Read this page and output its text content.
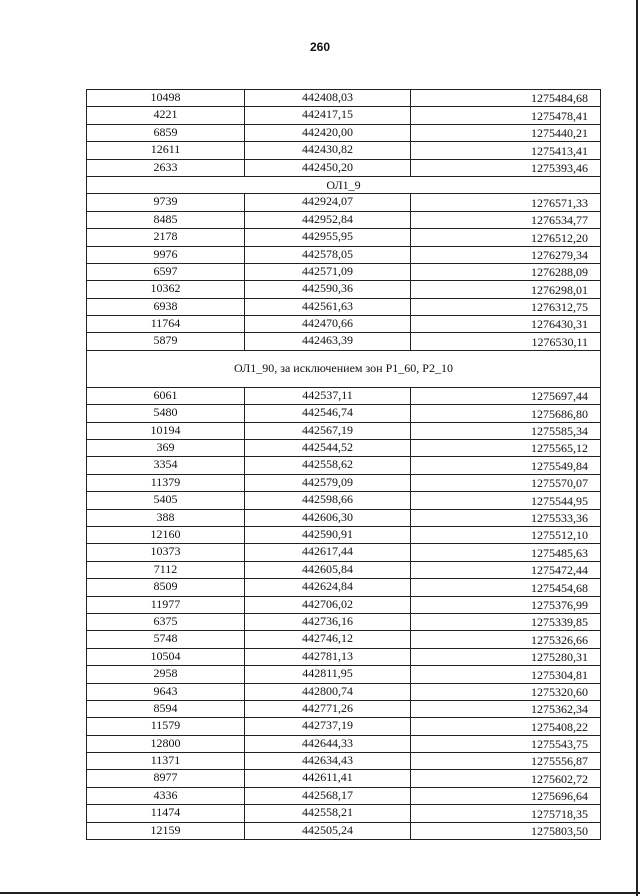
260
10498	442408,03	1275484,68
4221	442417,15	1275478,41
6859	442420,00	1275440,21
12611	442430,82	1275413,41
2633	442450,20	1275393,46
ОЛ1_9		
9739	442924,07	1276571,33
8485	442952,84	1276534,77
2178	442955,95	1276512,20
9976	442578,05	1276279,34
6597	442571,09	1276288,09
10362	442590,36	1276298,01
6938	442561,63	1276312,75
11764	442470,66	1276430,31
5879	442463,39	1276530,11
ОЛ1_90, за исключением зон Р1_60, Р2_10		
6061	442537,11	1275697,44
5480	442546,74	1275686,80
10194	442567,19	1275585,34
369	442544,52	1275565,12
3354	442558,62	1275549,84
11379	442579,09	1275570,07
5405	442598,66	1275544,95
388	442606,30	1275533,36
12160	442590,91	1275512,10
10373	442617,44	1275485,63
7112	442605,84	1275472,44
8509	442624,84	1275454,68
11977	442706,02	1275376,99
6375	442736,16	1275339,85
5748	442746,12	1275326,66
10504	442781,13	1275280,31
2958	442811,95	1275304,81
9643	442800,74	1275320,60
8594	442771,26	1275362,34
11579	442737,19	1275408,22
12800	442644,33	1275543,75
11371	442634,43	1275556,87
8977	442611,41	1275602,72
4336	442568,17	1275696,64
11474	442558,21	1275718,35
12159	442505,24	1275803,50
